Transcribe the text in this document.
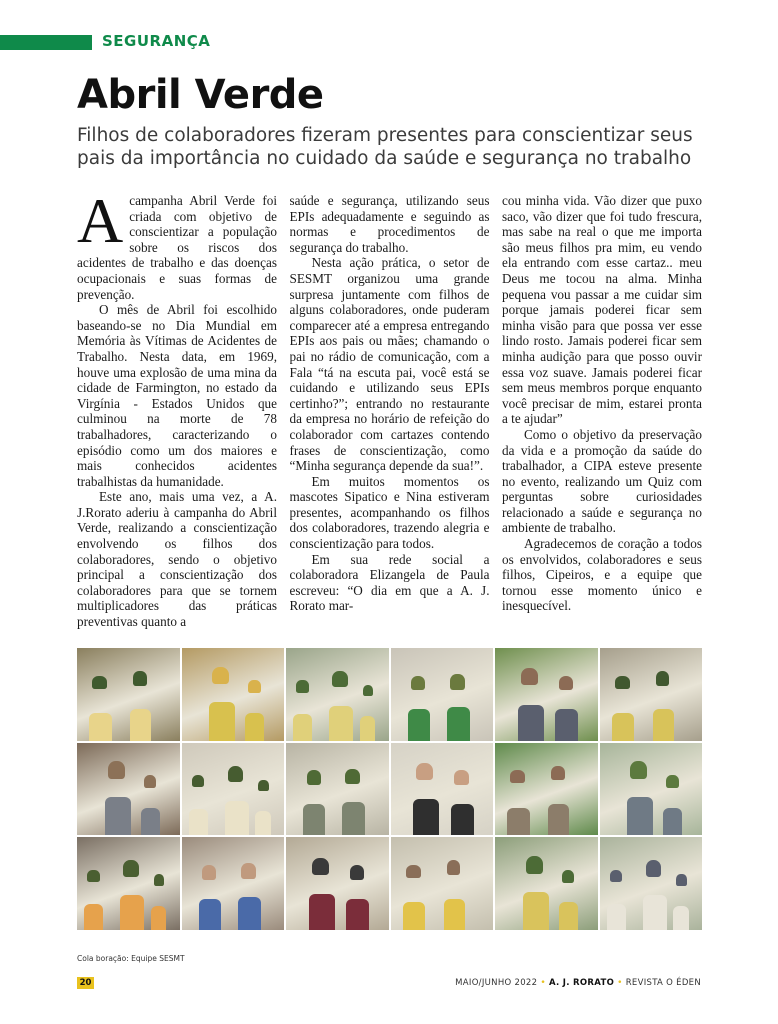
SEGURANÇA
Abril Verde
Filhos de colaboradores fizeram presentes para conscientizar seus pais da importância no cuidado da saúde e segurança no trabalho

Acampanha Abril Verde foi criada com objetivo de conscientizar a população sobre os riscos dos acidentes de trabalho e das doenças ocupacionais e suas formas de prevenção.

O mês de Abril foi escolhido baseando-se no Dia Mundial em Memória às Vítimas de Acidentes de Trabalho. Nesta data, em 1969, houve uma explosão de uma mina da cidade de Farmington, no estado da Virgínia - Estados Unidos que culminou na morte de 78 trabalhadores, caracterizando o episódio como um dos maiores e mais conhecidos acidentes trabalhistas da humanidade.

Este ano, mais uma vez, a A. J.Rorato aderiu à campanha do Abril Verde, realizando a conscientização envolvendo os filhos dos colaboradores, sendo o objetivo principal a conscientização dos colaboradores para que se tornem multiplicadores das práticas preventivas quanto a

saúde e segurança, utilizando seus EPIs adequadamente e seguindo as normas e procedimentos de segurança do trabalho.

Nesta ação prática, o setor de SESMT organizou uma grande surpresa juntamente com filhos de alguns colaboradores, onde puderam comparecer até a empresa entregando EPIs aos pais ou mães; chamando o pai no rádio de comunicação, com a Fala “tá na escuta pai, você está se cuidando e utilizando seus EPIs certinho?”; entrando no restaurante da empresa no horário de refeição do colaborador com cartazes contendo frases de conscientização, como “Minha segurança depende da sua!”.

Em muitos momentos os mascotes Sipatico e Nina estiveram presentes, acompanhando os filhos dos colaboradores, trazendo alegria e conscientização para todos.

Em sua rede social a colaboradora Elizangela de Paula escreveu: “O dia em que a A. J. Rorato mar-

cou minha vida. Vão dizer que puxo saco, vão dizer que foi tudo frescura, mas sabe na real o que me importa são meus filhos pra mim, eu vendo ela entrando com esse cartaz.. meu Deus me tocou na alma. Minha pequena vou passar a me cuidar sim porque jamais poderei ficar sem minha visão para que possa ver esse lindo rosto. Jamais poderei ficar sem minha audição para que posso ouvir essa voz suave. Jamais poderei ficar sem meus membros porque enquanto você precisar de mim, estarei pronta a te ajudar”

Como o objetivo da preservação da vida e a promoção da saúde do trabalhador, a CIPA esteve presente no evento, realizando um Quiz com perguntas sobre curiosidades relacionado a saúde e segurança no ambiente de trabalho.

Agradecemos de coração a todos os envolvidos, colaboradores e seus filhos, Cipeiros, e a equipe que tornou esse momento único e inesquecível.

Cola boração: Equipe SESMT
20	MAIO/JUNHO 2022 • A. J. RORATO • REVISTA O ÉDEN
